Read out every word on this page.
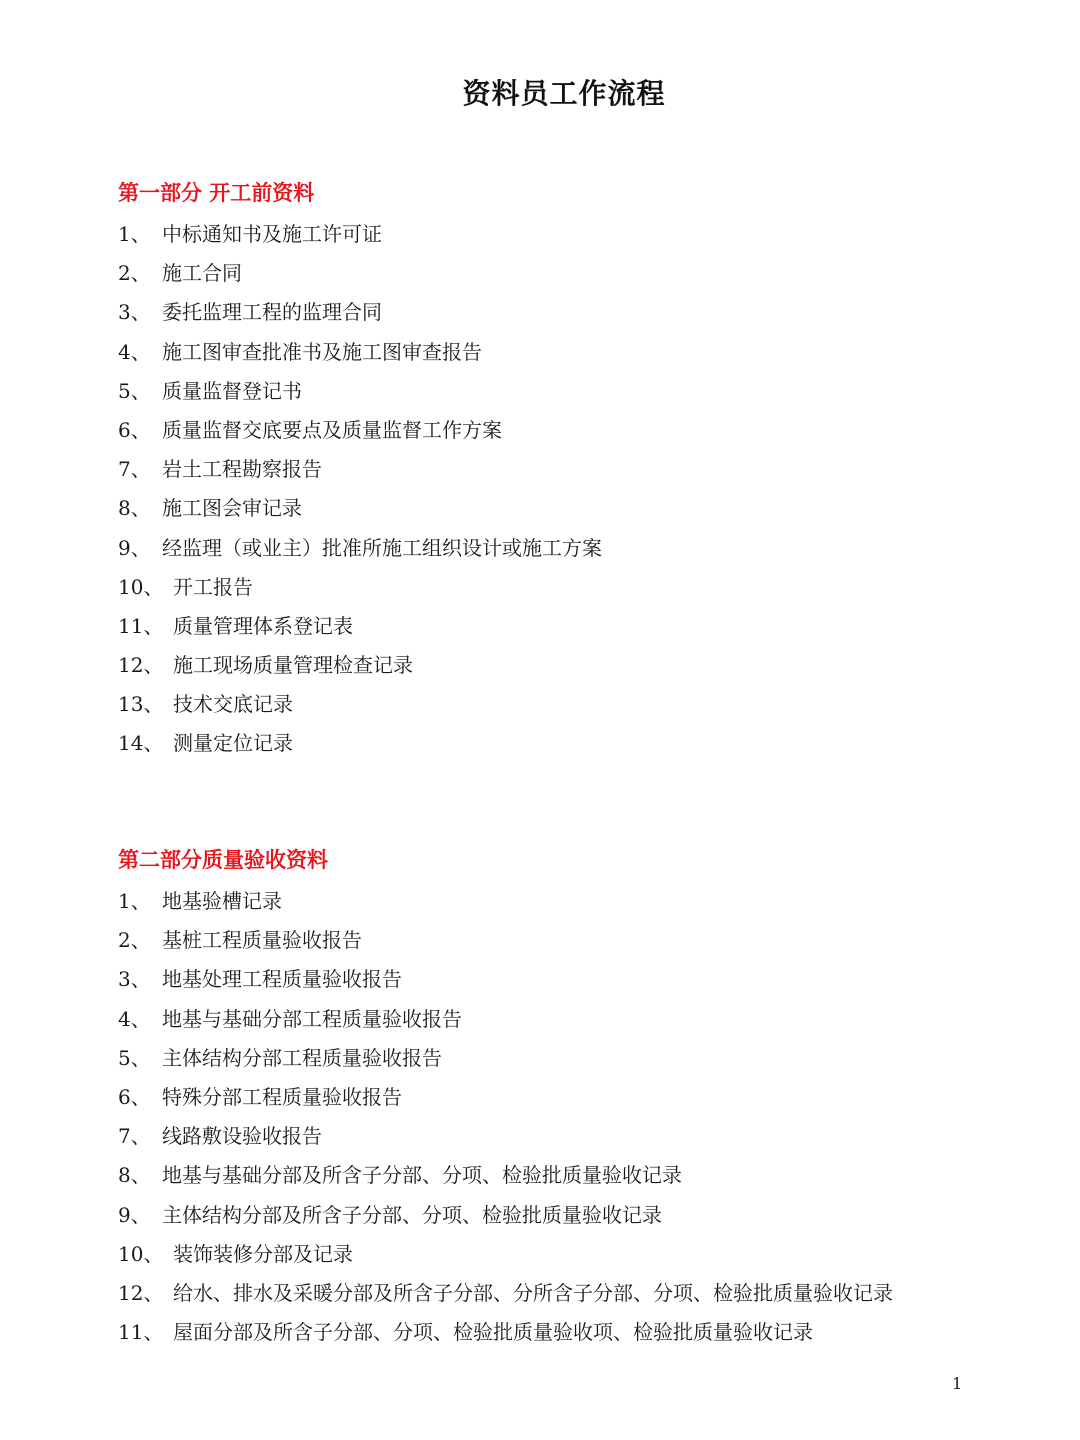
资料员工作流程
第一部分 开工前资料
1、 中标通知书及施工许可证
2、 施工合同
3、 委托监理工程的监理合同
4、 施工图审查批准书及施工图审查报告
5、 质量监督登记书
6、 质量监督交底要点及质量监督工作方案
7、 岩土工程勘察报告
8、 施工图会审记录
9、 经监理（或业主）批准所施工组织设计或施工方案
10、 开工报告
11、 质量管理体系登记表
12、 施工现场质量管理检查记录
13、 技术交底记录
14、 测量定位记录
第二部分质量验收资料
1、 地基验槽记录
2、 基桩工程质量验收报告
3、 地基处理工程质量验收报告
4、 地基与基础分部工程质量验收报告
5、 主体结构分部工程质量验收报告
6、 特殊分部工程质量验收报告
7、 线路敷设验收报告
8、 地基与基础分部及所含子分部、分项、检验批质量验收记录
9、 主体结构分部及所含子分部、分项、检验批质量验收记录
10、 装饰装修分部及记录
12、 给水、排水及采暖分部及所含子分部、分所含子分部、分项、检验批质量验收记录
11、 屋面分部及所含子分部、分项、检验批质量验收项、检验批质量验收记录
1
